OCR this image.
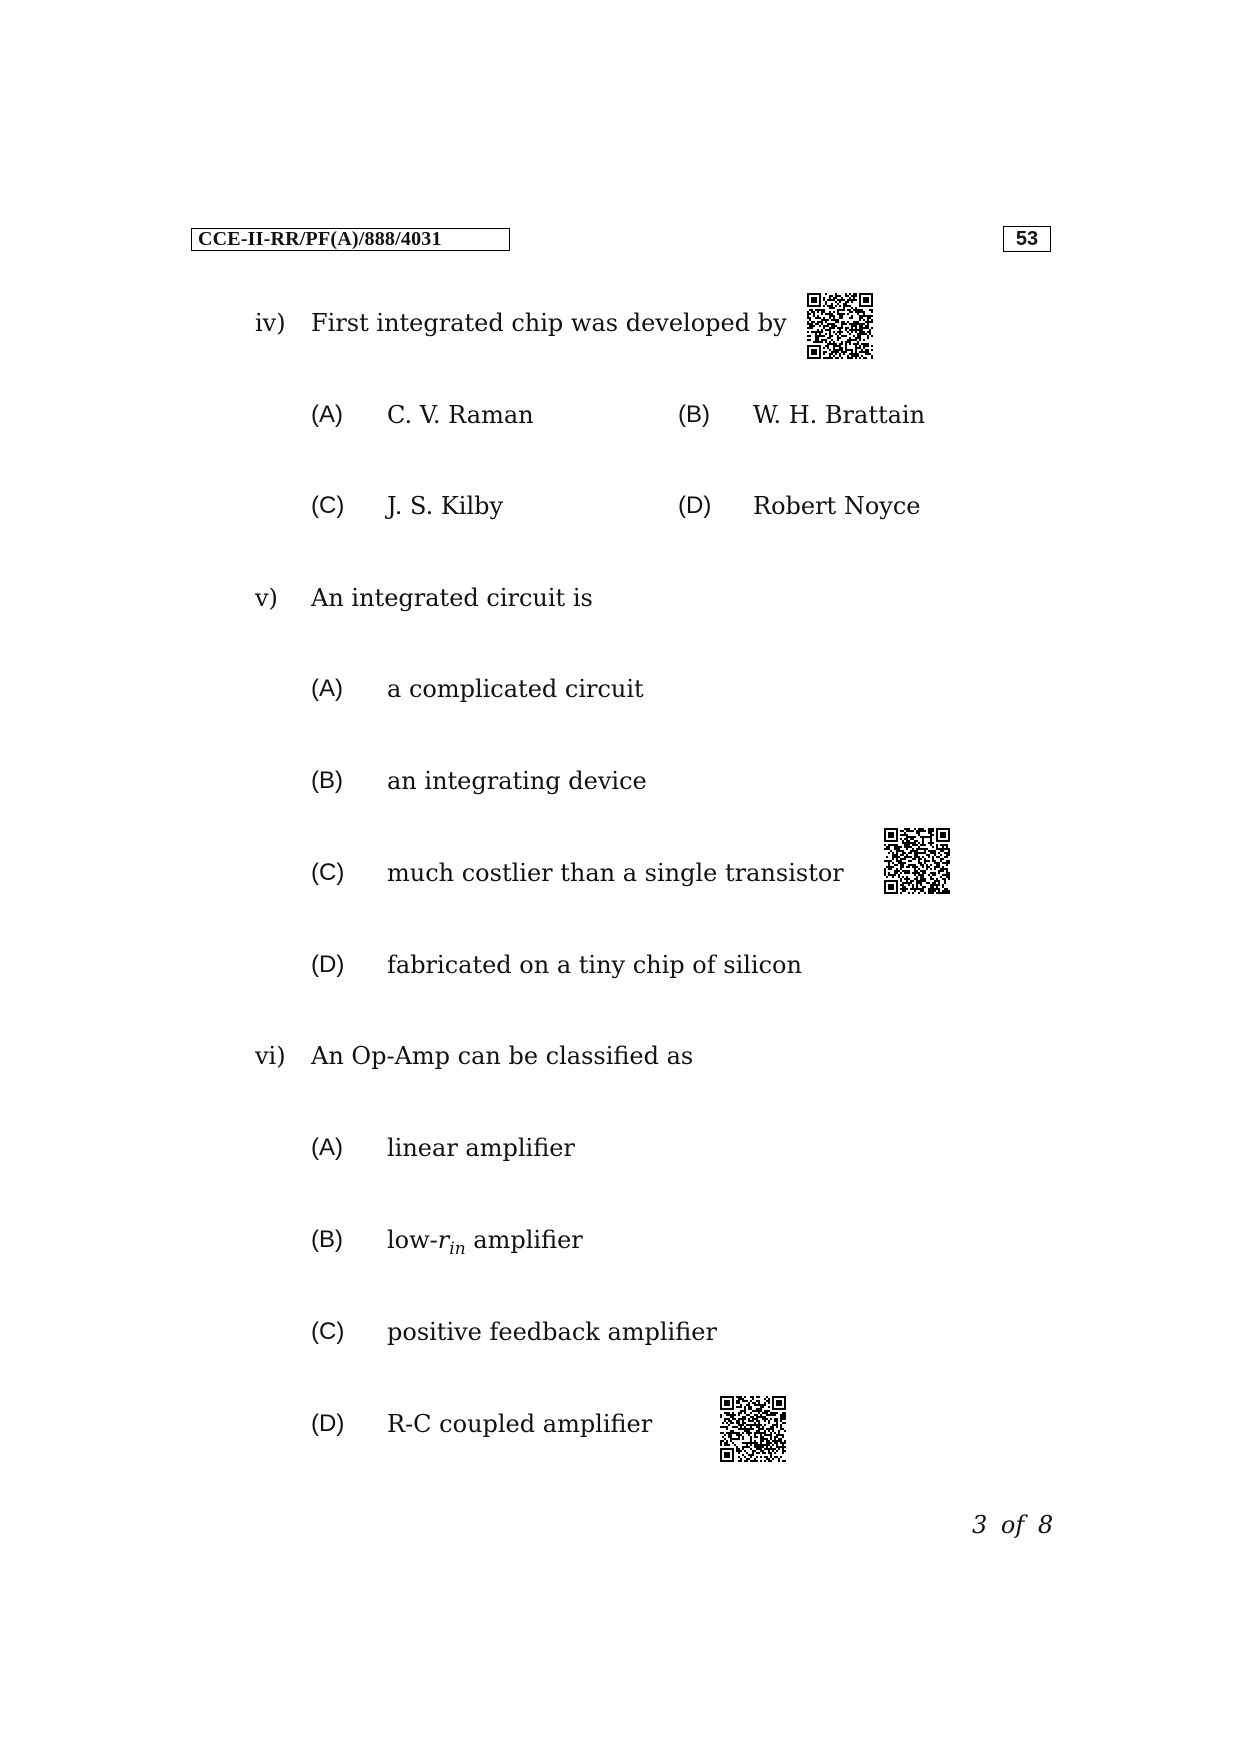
CCE-II-RR/PF(A)/888/4031	53
iv) First integrated chip was developed by
(A) C. V. Raman	(B) W. H. Brattain
(C) J. S. Kilby	(D) Robert Noyce
v) An integrated circuit is
(A) a complicated circuit
(B) an integrating device
(C) much costlier than a single transistor
(D) fabricated on a tiny chip of silicon
vi) An Op-Amp can be classified as
(A) linear amplifier
(B) low-$r_{in}$ amplifier
(C) positive feedback amplifier
(D) R-C coupled amplifier
3 of 8
